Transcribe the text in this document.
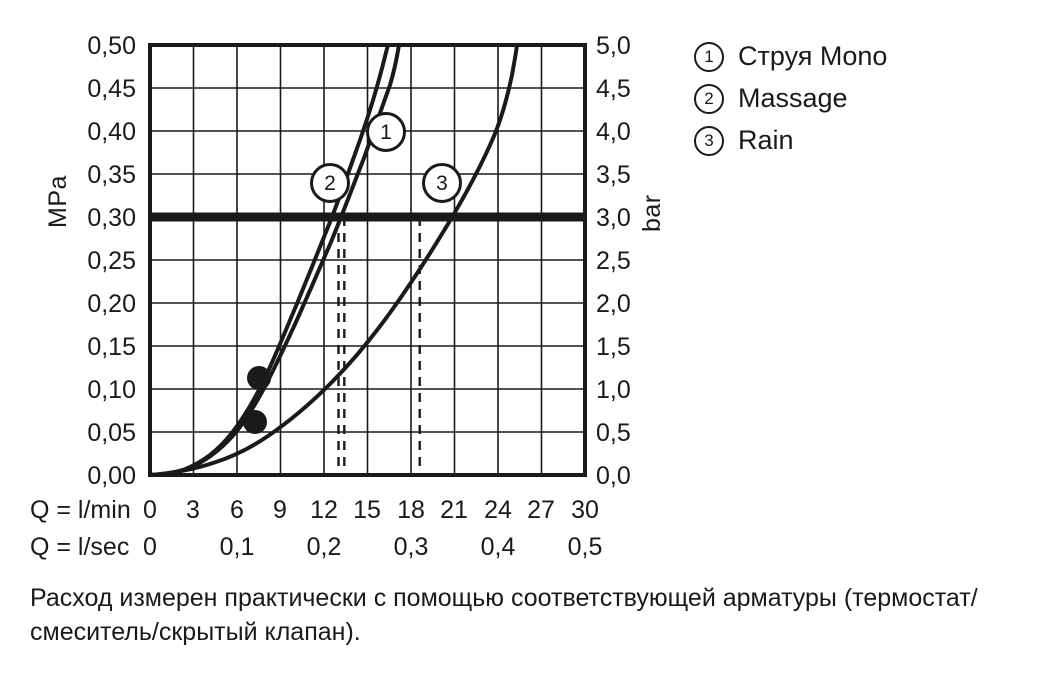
1
2	3
MPa	bar
0,50
0,45
0,40
0,35
0,30
0,25
0,20
0,15
0,10
0,05
0,00
5,0
4,5
4,0
3,5
3,0
2,5
2,0
1,5
1,0
0,5
0,0
Q = l/min 0	3	6	9 12 15 18 21 24 27 30
Q = l/sec 0	0,1 0,2 0,3 0,4 0,5
1 Струя Mono
2 Massage
3 Rain
Расход измерен практически с помощью соответствующей арматуры (термостат/смеситель/скрытый клапан).
